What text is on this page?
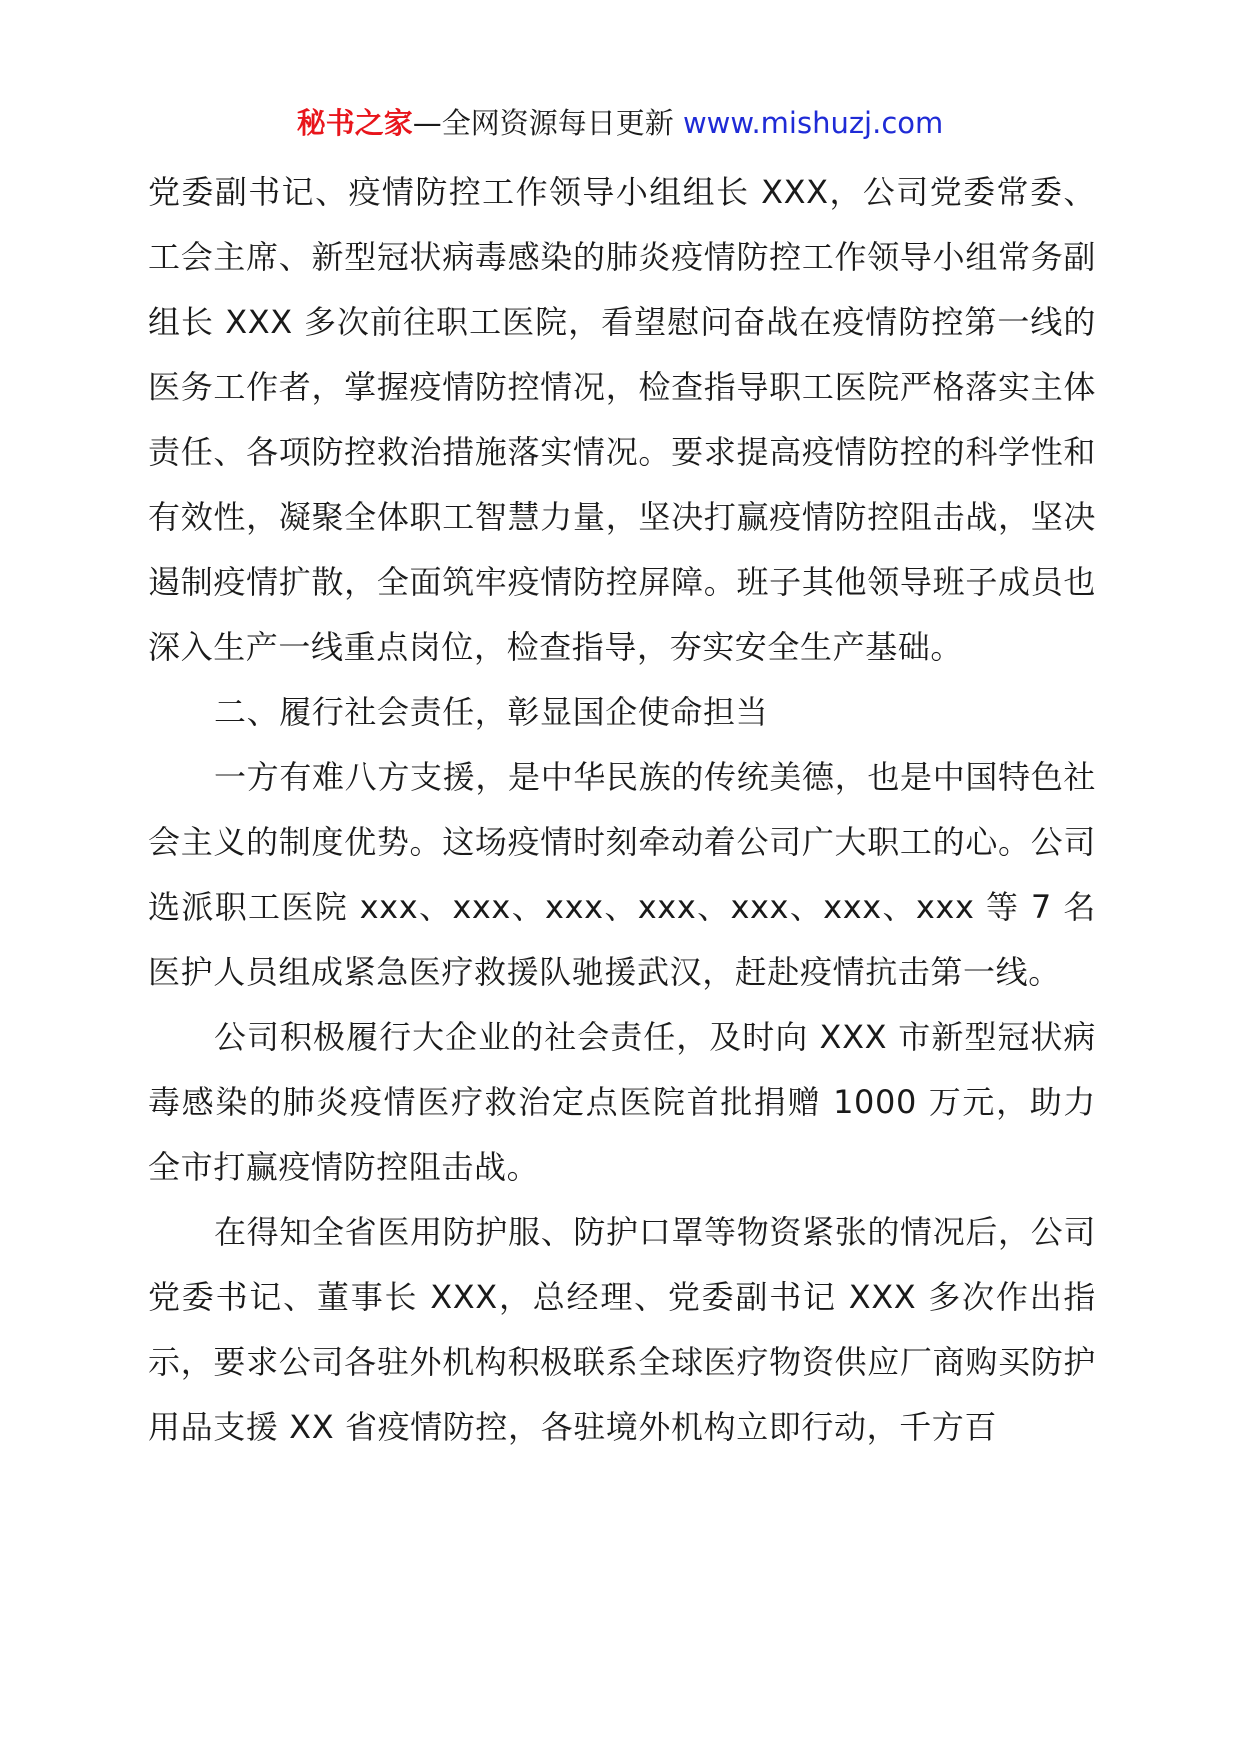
秘书之家—全网资源每日更新 www.mishuzj.com

党委副书记、疫情防控工作领导小组组长 XXX，公司党委常委、工会主席、新型冠状病毒感染的肺炎疫情防控工作领导小组常务副组长 XXX 多次前往职工医院，看望慰问奋战在疫情防控第一线的医务工作者，掌握疫情防控情况，检查指导职工医院严格落实主体责任、各项防控救治措施落实情况。要求提高疫情防控的科学性和有效性，凝聚全体职工智慧力量，坚决打赢疫情防控阻击战，坚决遏制疫情扩散，全面筑牢疫情防控屏障。班子其他领导班子成员也深入生产一线重点岗位，检查指导，夯实安全生产基础。

二、履行社会责任，彰显国企使命担当

一方有难八方支援，是中华民族的传统美德，也是中国特色社会主义的制度优势。这场疫情时刻牵动着公司广大职工的心。公司选派职工医院 xxx、xxx、xxx、xxx、xxx、xxx、xxx 等 7 名医护人员组成紧急医疗救援队驰援武汉，赶赴疫情抗击第一线。

公司积极履行大企业的社会责任，及时向 XXX 市新型冠状病毒感染的肺炎疫情医疗救治定点医院首批捐赠 1000 万元，助力全市打赢疫情防控阻击战。

在得知全省医用防护服、防护口罩等物资紧张的情况后，公司党委书记、董事长 XXX，总经理、党委副书记 XXX 多次作出指示，要求公司各驻外机构积极联系全球医疗物资供应厂商购买防护用品支援 XX 省疫情防控，各驻境外机构立即行动，千方百
